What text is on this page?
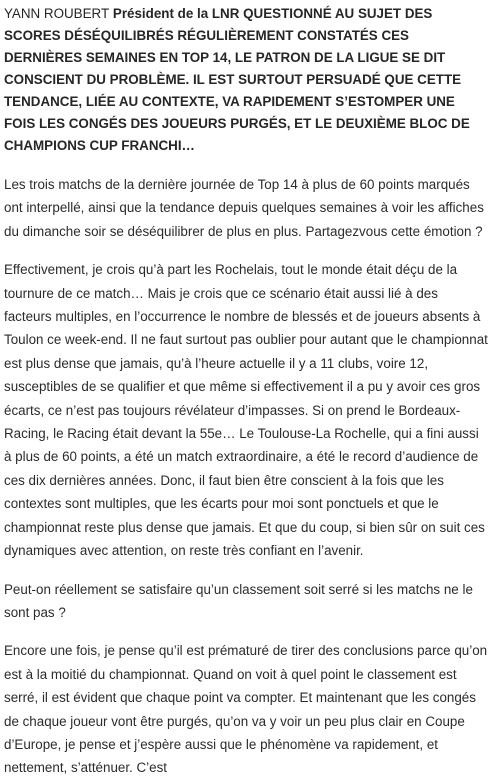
YANN ROUBERT Président de la LNR QUESTIONNÉ AU SUJET DES SCORES DÉSÉQUILIBRÉS RÉGULIÈREMENT CONSTATÉS CES DERNIÈRES SEMAINES EN TOP 14, LE PATRON DE LA LIGUE SE DIT CONSCIENT DU PROBLÈME. IL EST SURTOUT PERSUADÉ QUE CETTE TENDANCE, LIÉE AU CONTEXTE, VA RAPIDEMENT S’ESTOMPER UNE FOIS LES CONGÉS DES JOUEURS PURGÉS, ET LE DEUXIÈME BLOC DE CHAMPIONS CUP FRANCHI…

Les trois matchs de la dernière journée de Top 14 à plus de 60 points marqués ont interpellé, ainsi que la tendance depuis quelques semaines à voir les affiches du dimanche soir se déséquilibrer de plus en plus. Partagezvous cette émotion ?

Effectivement, je crois qu’à part les Rochelais, tout le monde était déçu de la tournure de ce match… Mais je crois que ce scénario était aussi lié à des facteurs multiples, en l’occurrence le nombre de blessés et de joueurs absents à Toulon ce week-end. Il ne faut surtout pas oublier pour autant que le championnat est plus dense que jamais, qu’à l’heure actuelle il y a 11 clubs, voire 12, susceptibles de se qualifier et que même si effectivement il a pu y avoir ces gros écarts, ce n’est pas toujours révélateur d’impasses. Si on prend le Bordeaux-Racing, le Racing était devant la 55e… Le Toulouse-La Rochelle, qui a fini aussi à plus de 60 points, a été un match extraordinaire, a été le record d’audience de ces dix dernières années. Donc, il faut bien être conscient à la fois que les contextes sont multiples, que les écarts pour moi sont ponctuels et que le championnat reste plus dense que jamais. Et que du coup, si bien sûr on suit ces dynamiques avec attention, on reste très confiant en l’avenir.

Peut-on réellement se satisfaire qu’un classement soit serré si les matchs ne le sont pas ?

Encore une fois, je pense qu’il est prématuré de tirer des conclusions parce qu’on est à la moitié du championnat. Quand on voit à quel point le classement est serré, il est évident que chaque point va compter. Et maintenant que les congés de chaque joueur vont être purgés, qu’on va y voir un peu plus clair en Coupe d’Europe, je pense et j’espère aussi que le phénomène va rapidement, et nettement, s’atténuer. C’est
